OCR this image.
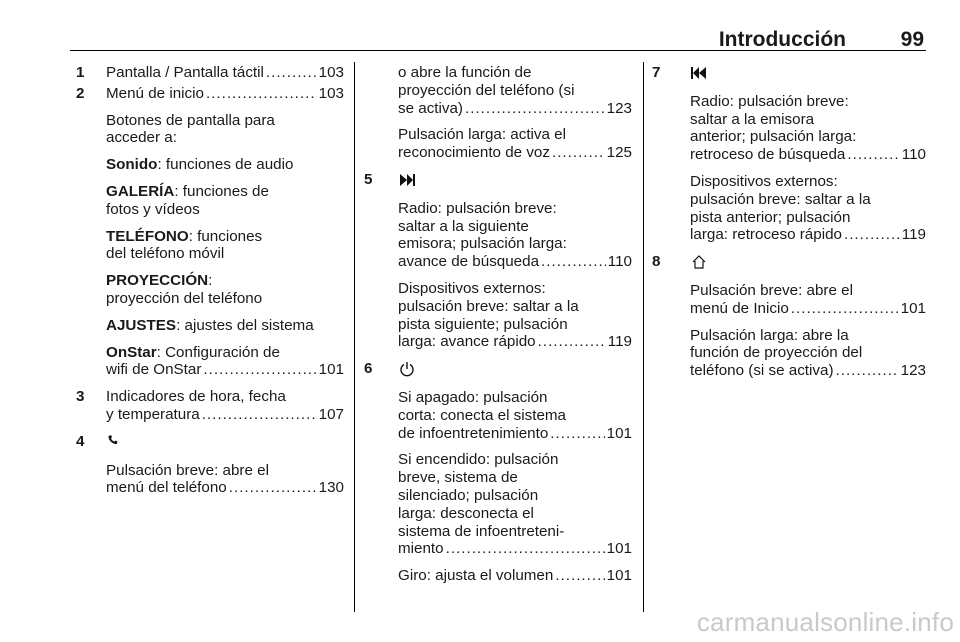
Introducción	99
1	Pantalla / Pantalla táctil .....	103
2	Menú de inicio .....	103
Botones de pantalla para
acceder a:
Sonido: funciones de audio
GALERÍA: funciones de
fotos y vídeos
TELÉFONO: funciones
del teléfono móvil
PROYECCIÓN:
proyección del teléfono
AJUSTES: ajustes del sistema
OnStar: Configuración de
wifi de OnStar .....	101
3	Indicadores de hora, fecha
y temperatura .....	107
4
Pulsación breve: abre el
menú del teléfono .....	130
o abre la función de
proyección del teléfono (si
se activa) .....	123
Pulsación larga: activa el
reconocimiento de voz .....	125
5
Radio: pulsación breve:
saltar a la siguiente
emisora; pulsación larga:
avance de búsqueda .....	110
Dispositivos externos:
pulsación breve: saltar a la
pista siguiente; pulsación
larga: avance rápido .....	119
6
Si apagado: pulsación
corta: conecta el sistema
de infoentretenimiento .....	101
Si encendido: pulsación
breve, sistema de
silenciado; pulsación
larga: desconecta el
sistema de infoentreteni-
miento .....	101
Giro: ajusta el volumen .....	101
7
Radio: pulsación breve:
saltar a la emisora
anterior; pulsación larga:
retroceso de búsqueda .....	110
Dispositivos externos:
pulsación breve: saltar a la
pista anterior; pulsación
larga: retroceso rápido .....	119
8
Pulsación breve: abre el
menú de Inicio .....	101
Pulsación larga: abre la
función de proyección del
teléfono (si se activa) .....	123
carmanualsonline.info
